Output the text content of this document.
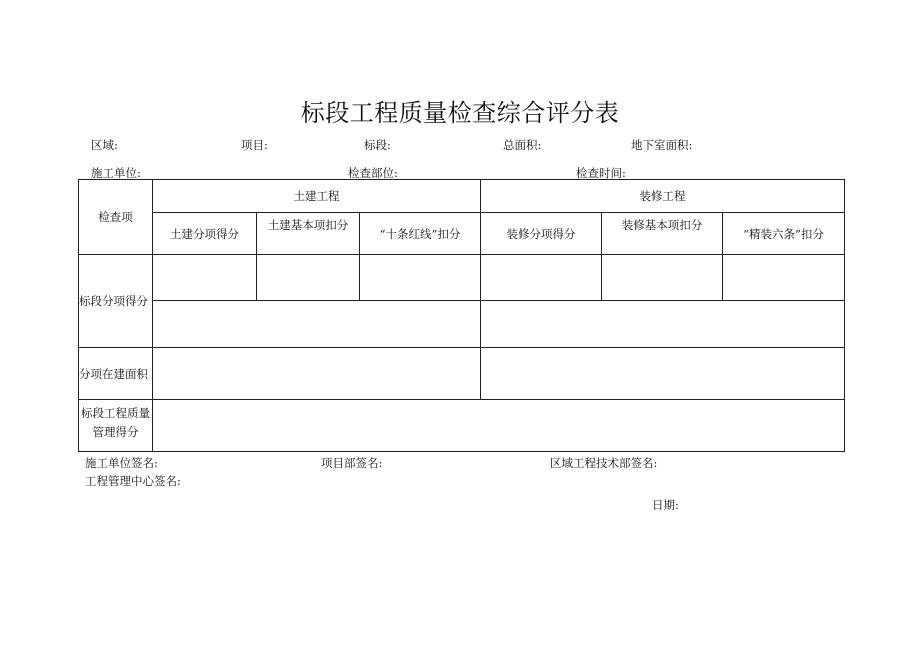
标段工程质量检查综合评分表
区域:	项目:	标段:	总面积:	地下室面积:
施工单位:	检查部位:	检查时间:
检查项	土建工程			装修工程		
	土建分项得分	土建基本项扣分	“十条红线”扣分	装修分项得分	装修基本项扣分	“精装六条”扣分
标段分项得分						

分项在建面积						
标段工程质量管理得分						
施工单位签名:	项目部签名:	区域工程技术部签名:
工程管理中心签名:
日期:
